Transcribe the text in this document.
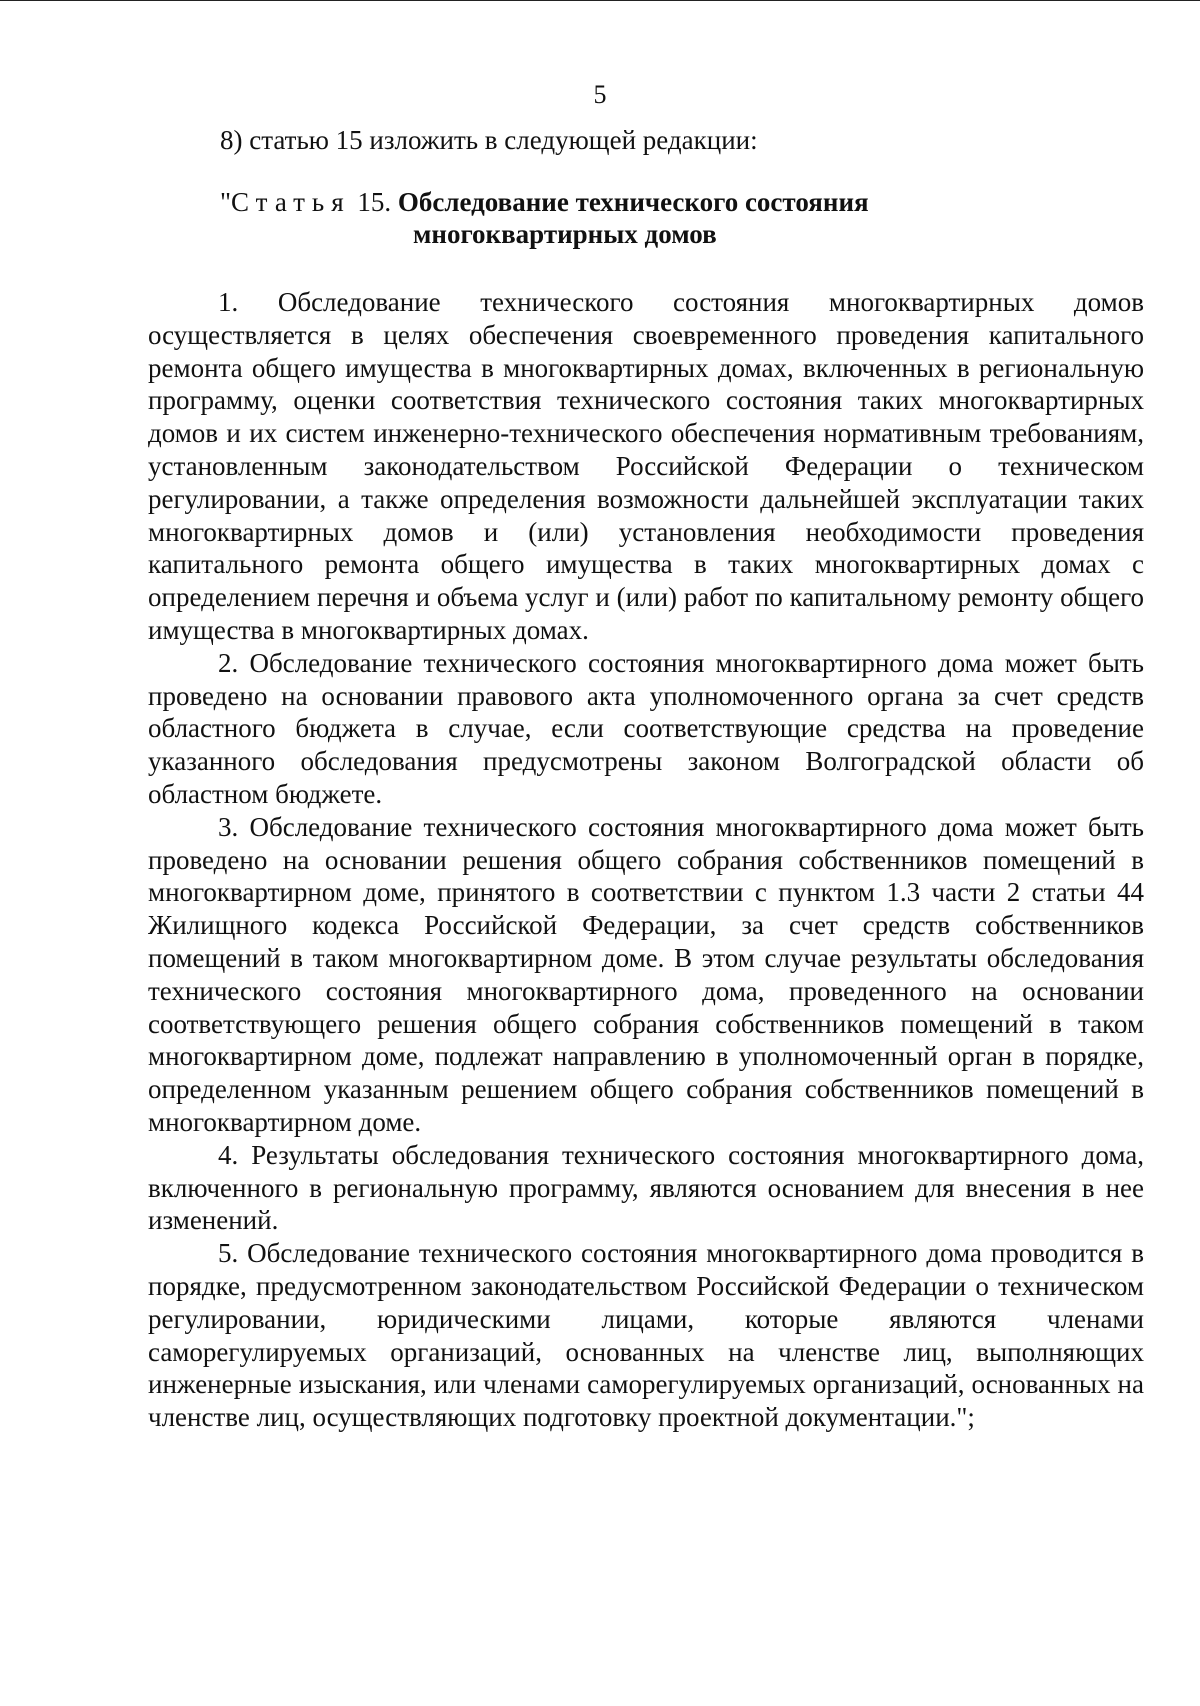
5
8) статью 15 изложить в следующей редакции:
"Статья 15. Обследование технического состояния
многоквартирных домов

1. Обследование технического состояния многоквартирных домов осуществляется в целях обеспечения своевременного проведения капитального ремонта общего имущества в многоквартирных домах, включенных в региональную программу, оценки соответствия технического состояния таких многоквартирных домов и их систем инженерно-технического обеспечения нормативным требованиям, установленным законодательством Российской Федерации о техническом регулировании, а также определения возможности дальнейшей эксплуатации таких многоквартирных домов и (или) установления необходимости проведения капитального ремонта общего имущества в таких многоквартирных домах с определением перечня и объема услуг и (или) работ по капитальному ремонту общего имущества в многоквартирных домах.

2. Обследование технического состояния многоквартирного дома может быть проведено на основании правового акта уполномоченного органа за счет средств областного бюджета в случае, если соответствующие средства на проведение указанного обследования предусмотрены законом Волгоградской области об областном бюджете.

3. Обследование технического состояния многоквартирного дома может быть проведено на основании решения общего собрания собственников помещений в многоквартирном доме, принятого в соответствии с пунктом 1.3 части 2 статьи 44 Жилищного кодекса Российской Федерации, за счет средств собственников помещений в таком многоквартирном доме. В этом случае результаты обследования технического состояния многоквартирного дома, проведенного на основании соответствующего решения общего собрания собственников помещений в таком многоквартирном доме, подлежат направлению в уполномоченный орган в порядке, определенном указанным решением общего собрания собственников помещений в многоквартирном доме.

4. Результаты обследования технического состояния многоквартирного дома, включенного в региональную программу, являются основанием для внесения в нее изменений.

5. Обследование технического состояния многоквартирного дома проводится в порядке, предусмотренном законодательством Российской Федерации о техническом регулировании, юридическими лицами, которые являются членами саморегулируемых организаций, основанных на членстве лиц, выполняющих инженерные изыскания, или членами саморегулируемых организаций, основанных на членстве лиц, осуществляющих подготовку проектной документации.";
